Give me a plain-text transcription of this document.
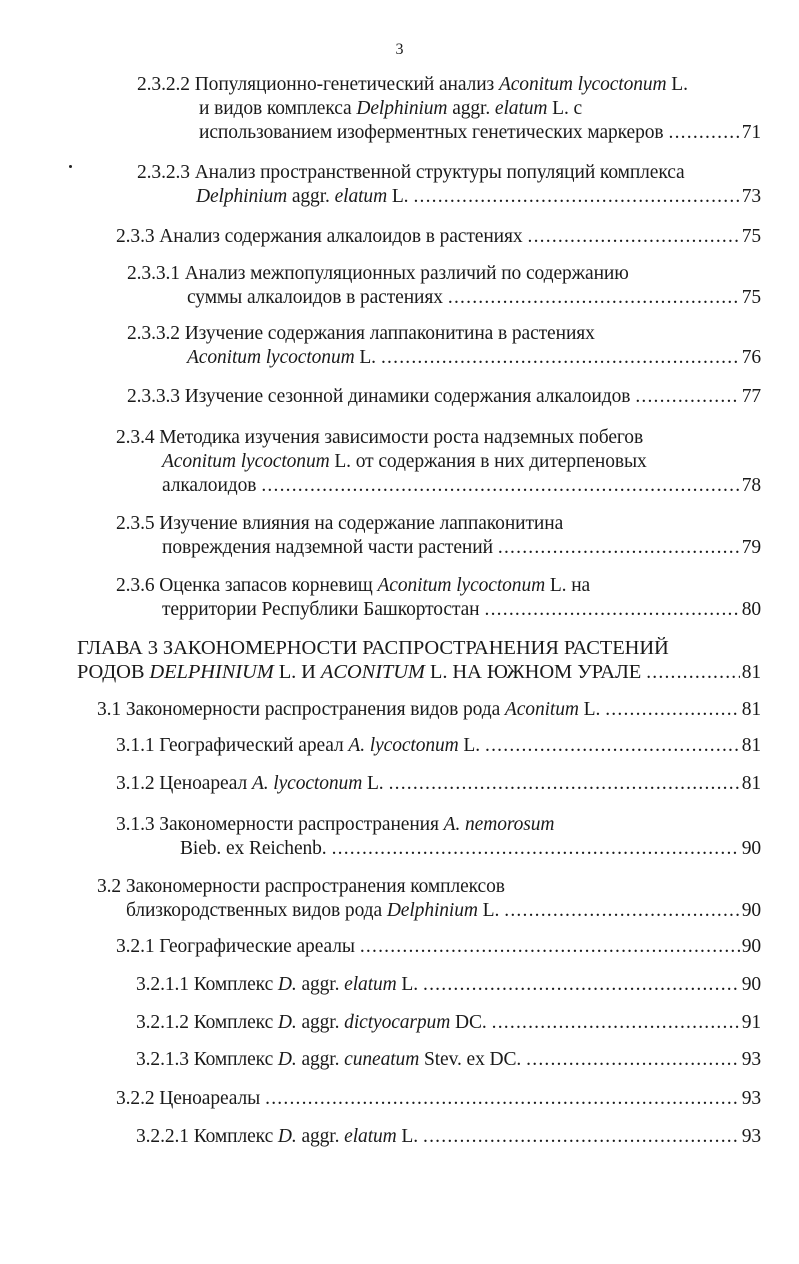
3
2.3.2.2 Популяционно-генетический анализ Aconitum lycoctonum L.
и видов комплекса Delphinium aggr. elatum L. с
использованием изоферментных генетических маркеров .....	71
2.3.2.3 Анализ пространственной структуры популяций комплекса
Delphinium aggr. elatum L. .....	73
2.3.3 Анализ содержания алкалоидов в растениях .....	75
2.3.3.1 Анализ межпопуляционных различий по содержанию
суммы алкалоидов в растениях .....	75
2.3.3.2 Изучение содержания лаппаконитина в растениях
Aconitum lycoctonum L. .....	76
2.3.3.3 Изучение сезонной динамики содержания алкалоидов .....	77
2.3.4 Методика изучения зависимости роста надземных побегов
Aconitum lycoctonum L. от содержания в них дитерпеновых
алкалоидов .....	78
2.3.5 Изучение влияния на содержание лаппаконитина
повреждения надземной части растений .....	79
2.3.6 Оценка запасов корневищ Aconitum lycoctonum L. на
территории Республики Башкортостан .....	80
ГЛАВА 3 ЗАКОНОМЕРНОСТИ РАСПРОСТРАНЕНИЯ РАСТЕНИЙ
РОДОВ DELPHINIUM L. И ACONITUM L. НА ЮЖНОМ УРАЛЕ .....	81
3.1 Закономерности распространения видов рода Aconitum L. .....	81
3.1.1 Географический ареал A. lycoctonum L. .....	81
3.1.2 Ценоареал A. lycoctonum L. .....	81
3.1.3 Закономерности распространения A. nemorosum
Bieb. ex Reichenb. .....	90
3.2 Закономерности распространения комплексов
близкородственных видов рода Delphinium L. .....	90
3.2.1 Географические ареалы .....	90
3.2.1.1 Комплекс D. aggr. elatum L. .....	90
3.2.1.2 Комплекс D. aggr. dictyocarpum DC. .....	91
3.2.1.3 Комплекс D. aggr. cuneatum Stev. ex DC. .....	93
3.2.2 Ценоареалы .....	93
3.2.2.1 Комплекс D. aggr. elatum L. .....	93
